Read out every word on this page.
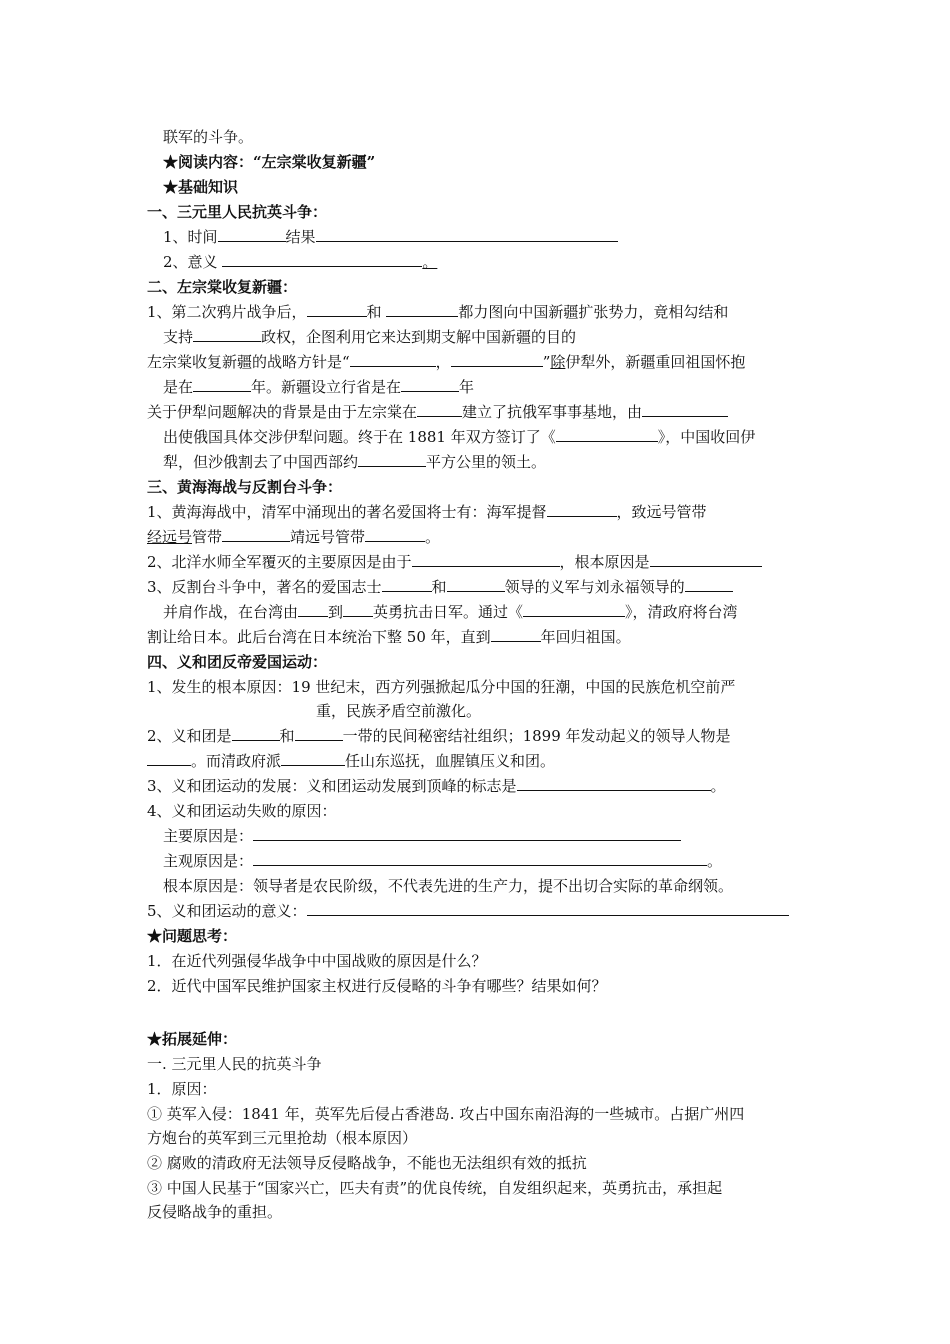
联军的斗争。
★阅读内容：“左宗棠收复新疆”
★基础知识
一、三元里人民抗英斗争：
1、时间	结果
2、意义	。
二、左宗棠收复新疆：
1、第二次鸦片战争后，	和	都力图向中国新疆扩张势力，竟相勾结和
支持	政权，企图利用它来达到期支解中国新疆的目的
左宗棠收复新疆的战略方针是“	，	”除伊犁外，新疆重回祖国怀抱
是在	年。新疆设立行省是在	年
关于伊犁问题解决的背景是由于左宗棠在	建立了抗俄军事事基地，由
出使俄国具体交涉伊犁问题。终于在 1881 年双方签订了《	》，中国收回伊
犁，但沙俄割去了中国西部约	平方公里的领土。
三、黄海海战与反割台斗争：
1、黄海海战中，清军中涌现出的著名爱国将士有：海军提督	，致远号管带
经远号管带	靖远号管带	。
2、北洋水师全军覆灭的主要原因是由于	，根本原因是
3、反割台斗争中，著名的爱国志士	和	领导的义军与刘永福领导的
并肩作战，在台湾由 到 英勇抗击日军。通过《	》，清政府将台湾
割让给日本。此后台湾在日本统治下整 50 年，直到	年回归祖国。
四、义和团反帝爱国运动：
1、发生的根本原因：19 世纪末，西方列强掀起瓜分中国的狂潮，中国的民族危机空前严
重，民族矛盾空前激化。
2、义和团是	和	一带的民间秘密结社组织；1899 年发动起义的领导人物是
。而清政府派	任山东巡抚，血腥镇压义和团。
3、义和团运动的发展：义和团运动发展到顶峰的标志是	。
4、义和团运动失败的原因：
主要原因是：
主观原因是：	。
根本原因是：领导者是农民阶级，不代表先进的生产力，提不出切合实际的革命纲领。
5、义和团运动的意义：
★问题思考：
1．在近代列强侵华战争中中国战败的原因是什么？
2．近代中国军民维护国家主权进行反侵略的斗争有哪些？结果如何？
★拓展延伸：
一. 三元里人民的抗英斗争
1．原因：
① 英军入侵：1841 年，英军先后侵占香港岛. 攻占中国东南沿海的一些城市。占据广州四
方炮台的英军到三元里抢劫（根本原因）
② 腐败的清政府无法领导反侵略战争，不能也无法组织有效的抵抗
③ 中国人民基于“国家兴亡，匹夫有责”的优良传统，自发组织起来，英勇抗击，承担起
反侵略战争的重担。
